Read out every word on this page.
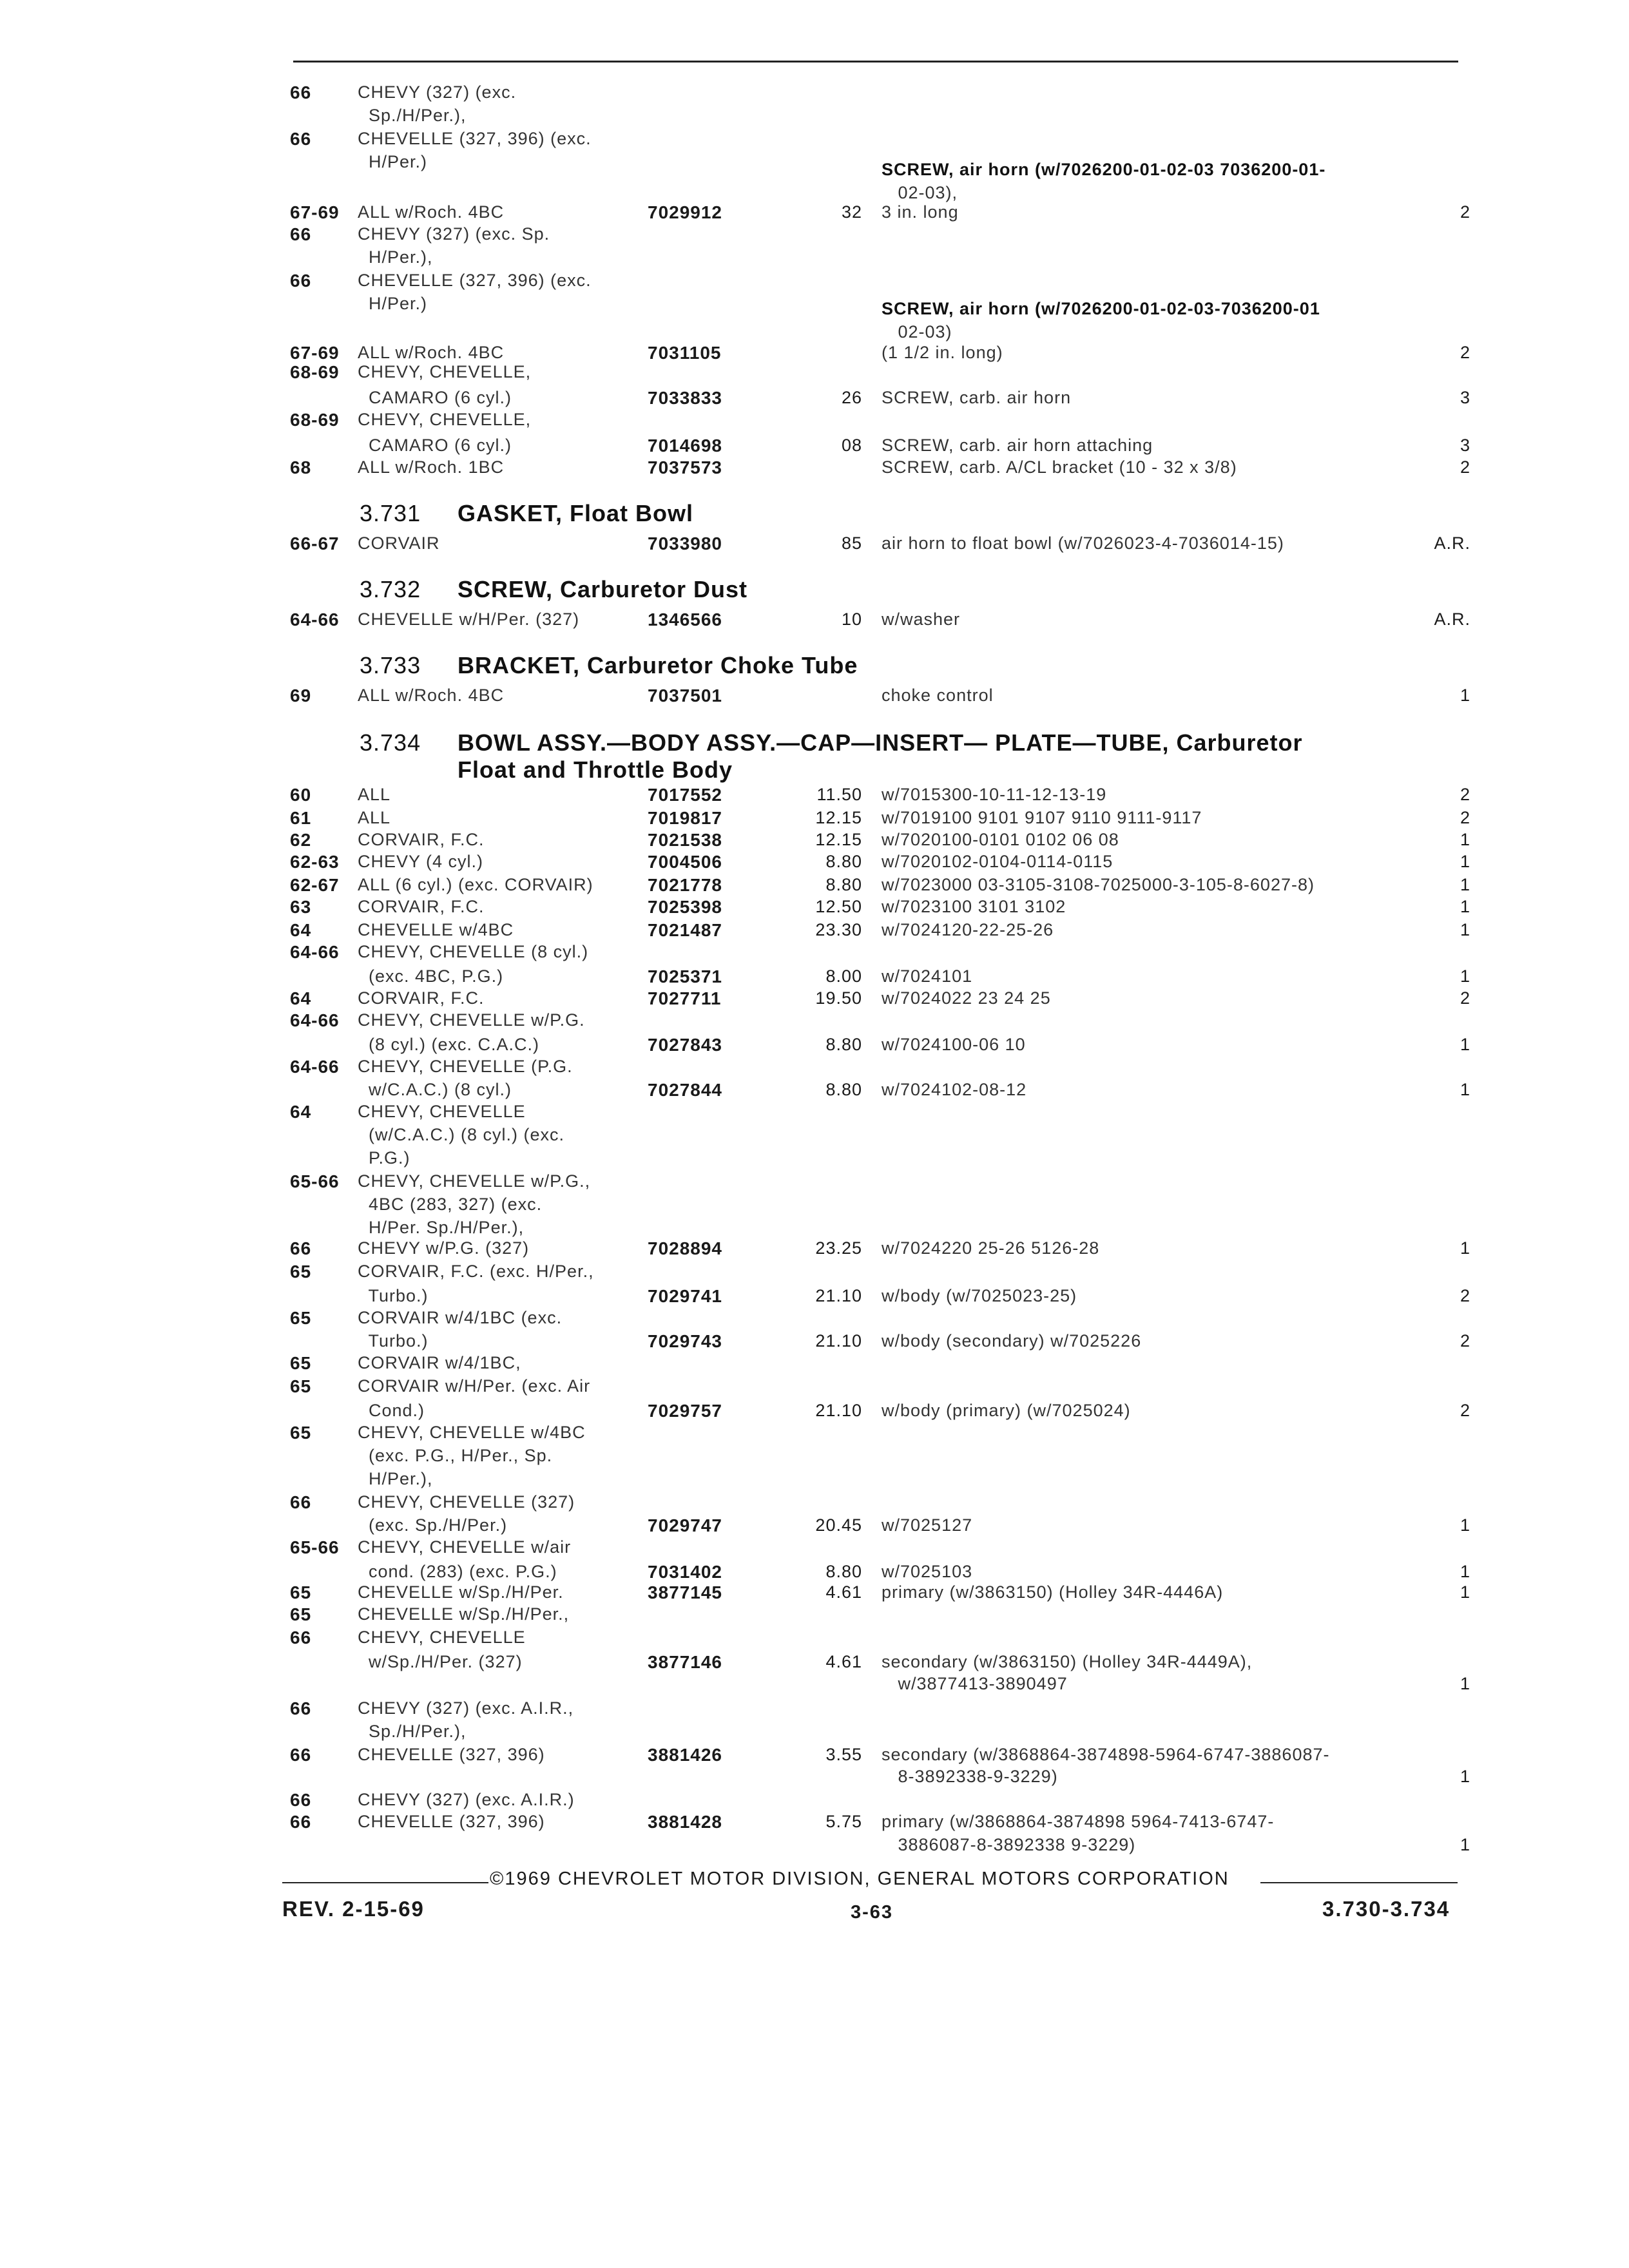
66	CHEVY (327) (exc.
Sp./H/Per.),
66	CHEVELLE (327, 396) (exc.
H/Per.)	SCREW, air horn (w/7026200-01-02-03 7036200-01-
02-03),
67-69 ALL w/Roch. 4BC	7029912	32 3 in. long	2
66	CHEVY (327) (exc. Sp.
H/Per.),
66	CHEVELLE (327, 396) (exc.
H/Per.)	SCREW, air horn (w/7026200-01-02-03-7036200-01
02-03)
67-69 ALL w/Roch. 4BC	7031105	(1 1/2 in. long)	2
68-69 CHEVY, CHEVELLE,
CAMARO (6 cyl.)	7033833	26 SCREW, carb. air horn	3
68-69 CHEVY, CHEVELLE,
CAMARO (6 cyl.)	7014698	08 SCREW, carb. air horn attaching	3
68	ALL w/Roch. 1BC	7037573	SCREW, carb. A/CL bracket (10 - 32 x 3/8)	2
66-67 CORVAIR	7033980	85 air horn to float bowl (w/7026023-4-7036014-15)	A.R.
64-66 CHEVELLE w/H/Per. (327)	1346566	10 w/washer	A.R.
69	ALL w/Roch. 4BC	7037501	choke control	1
60	ALL	7017552	11.50 w/7015300-10-11-12-13-19	2
61	ALL	7019817	12.15 w/7019100 9101 9107 9110 9111-9117	2
62	CORVAIR, F.C.	7021538	12.15 w/7020100-0101 0102 06 08	1
62-63 CHEVY (4 cyl.)	7004506	8.80 w/7020102-0104-0114-0115	1
62-67 ALL (6 cyl.) (exc. CORVAIR)	7021778	8.80 w/7023000 03-3105-3108-7025000-3-105-8-6027-8)	1
63	CORVAIR, F.C.	7025398	12.50 w/7023100 3101 3102	1
64	CHEVELLE w/4BC	7021487	23.30 w/7024120-22-25-26	1
64-66 CHEVY, CHEVELLE (8 cyl.)
(exc. 4BC, P.G.)	7025371	8.00 w/7024101	1
64	CORVAIR, F.C.	7027711	19.50 w/7024022 23 24 25	2
64-66 CHEVY, CHEVELLE w/P.G.
(8 cyl.) (exc. C.A.C.)	7027843	8.80 w/7024100-06 10	1
64-66 CHEVY, CHEVELLE (P.G.
w/C.A.C.) (8 cyl.)	7027844	8.80 w/7024102-08-12	1
64	CHEVY, CHEVELLE
(w/C.A.C.) (8 cyl.) (exc.
P.G.)
65-66 CHEVY, CHEVELLE w/P.G.,
4BC (283, 327) (exc.
H/Per. Sp./H/Per.),
66	CHEVY w/P.G. (327)	7028894	23.25 w/7024220 25-26 5126-28	1
65	CORVAIR, F.C. (exc. H/Per.,
Turbo.)	7029741	21.10 w/body (w/7025023-25)	2
65	CORVAIR w/4/1BC (exc.
Turbo.)	7029743	21.10 w/body (secondary) w/7025226	2
65	CORVAIR w/4/1BC,
65	CORVAIR w/H/Per. (exc. Air
Cond.)	7029757	21.10 w/body (primary) (w/7025024)	2
65	CHEVY, CHEVELLE w/4BC
(exc. P.G., H/Per., Sp.
H/Per.),
66	CHEVY, CHEVELLE (327)
(exc. Sp./H/Per.)	7029747	20.45 w/7025127	1
65-66 CHEVY, CHEVELLE w/air
cond. (283) (exc. P.G.)	7031402	8.80 w/7025103	1
65	CHEVELLE w/Sp./H/Per.	3877145	4.61 primary (w/3863150) (Holley 34R-4446A)	1
65	CHEVELLE w/Sp./H/Per.,
66	CHEVY, CHEVELLE
w/Sp./H/Per. (327)	3877146	4.61 secondary (w/3863150) (Holley 34R-4449A),
w/3877413-3890497	1
66	CHEVY (327) (exc. A.I.R.,
Sp./H/Per.),
66	CHEVELLE (327, 396)	3881426	3.55 secondary (w/3868864-3874898-5964-6747-3886087-
8-3892338-9-3229)	1
66	CHEVY (327) (exc. A.I.R.)
66	CHEVELLE (327, 396)	3881428	5.75 primary (w/3868864-3874898 5964-7413-6747-
3886087-8-3892338 9-3229)	1
3.731 GASKET, Float Bowl
3.732 SCREW, Carburetor Dust
3.733 BRACKET, Carburetor Choke Tube
3.734 BOWL ASSY.—BODY ASSY.—CAP—INSERT— PLATE—TUBE, Carburetor
Float and Throttle Body
©1969 CHEVROLET MOTOR DIVISION, GENERAL MOTORS CORPORATION
REV. 2-15-69	3-63	3.730-3.734
